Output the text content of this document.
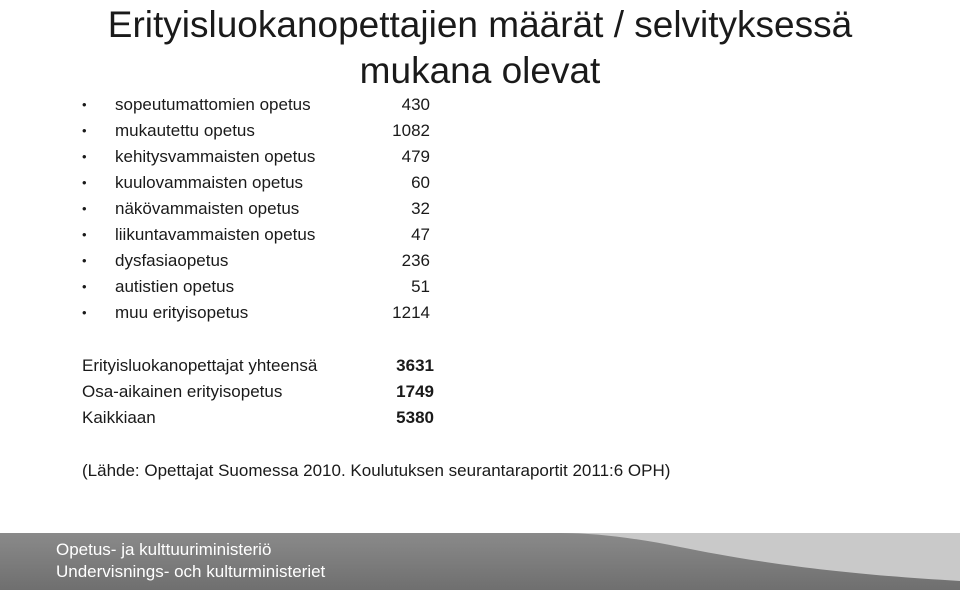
Erityisluokanopettajien määrät / selvityksessä
mukana olevat
•	sopeutumattomien opetus	430
•	mukautettu opetus	1082
•	kehitysvammaisten opetus	479
•	kuulovammaisten opetus	60
•	näkövammaisten opetus	32
•	liikuntavammaisten opetus	47
•	dysfasiaopetus	236
•	autistien opetus	51
•	muu erityisopetus	1214
Erityisluokanopettajat yhteensä	3631
Osa-aikainen erityisopetus	1749
Kaikkiaan	5380
(Lähde: Opettajat Suomessa 2010. Koulutuksen seurantaraportit 2011:6 OPH)
Opetus- ja kulttuuriministeriö
Undervisnings- och kulturministeriet
